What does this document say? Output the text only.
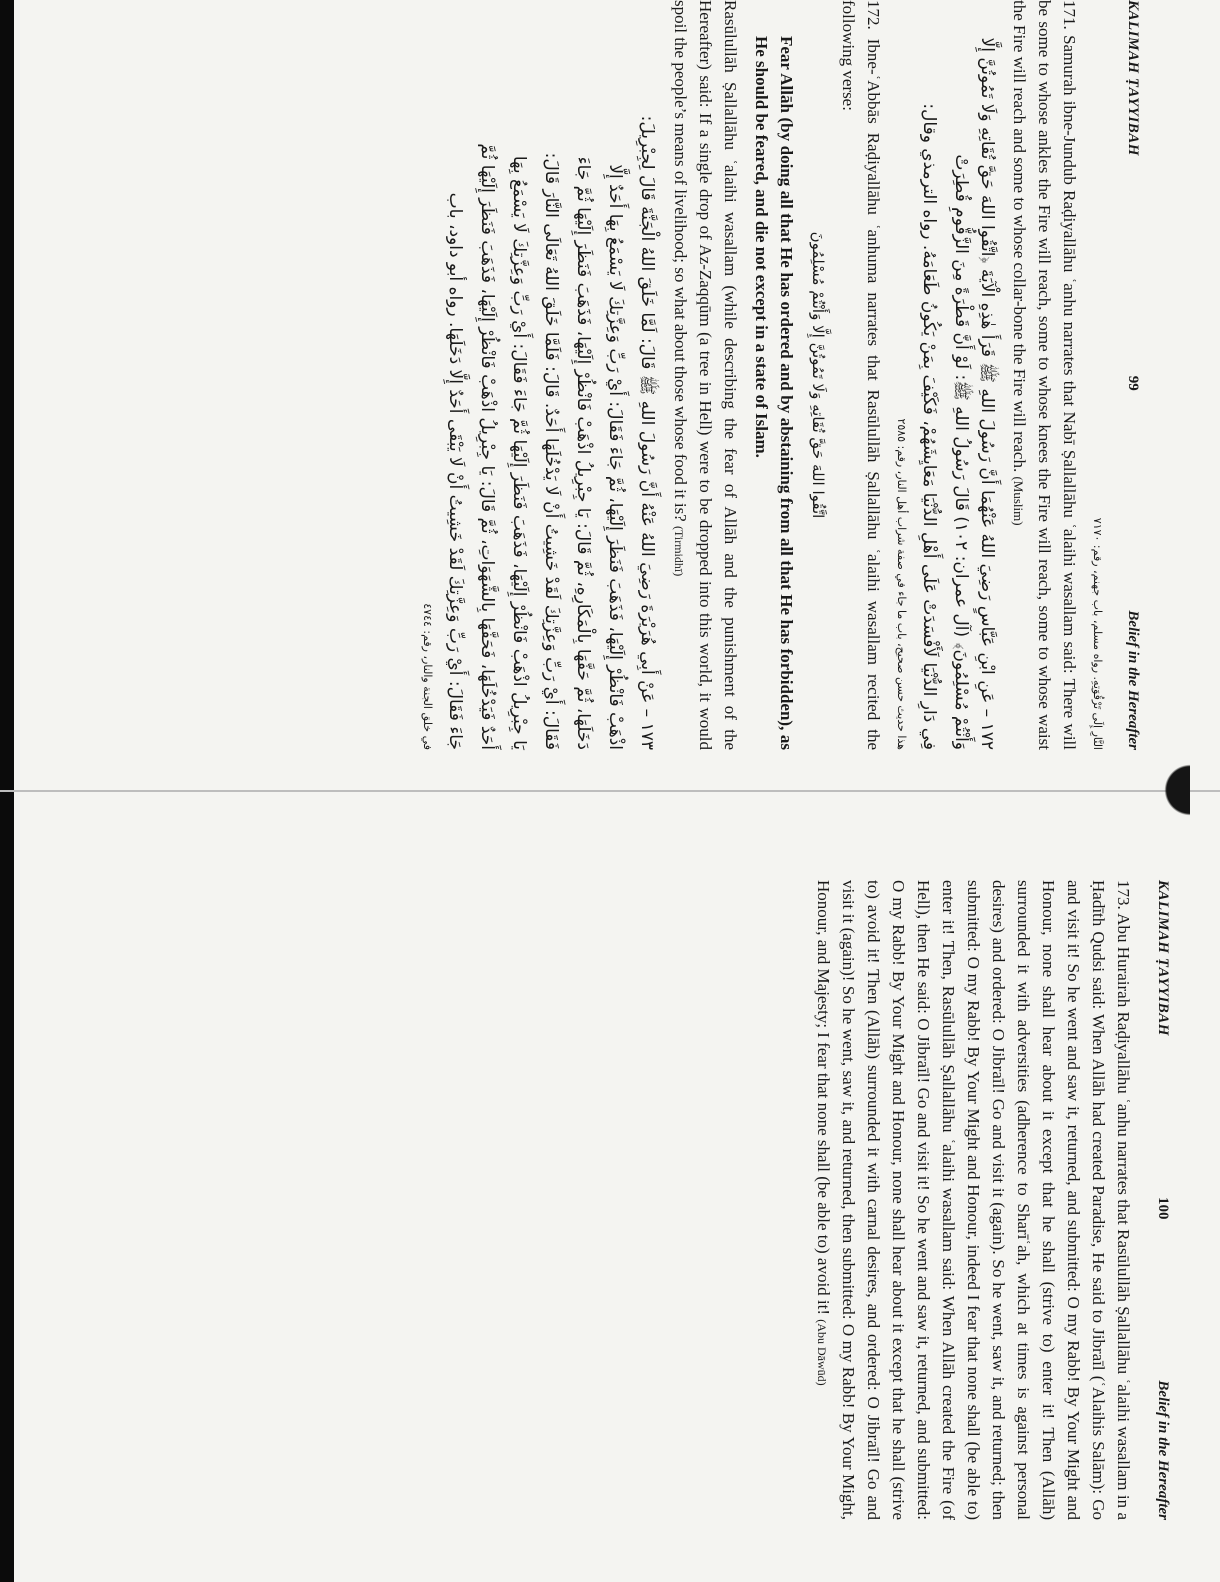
KALIMAH ṬAYYIBAH
99
Belief in the Hereafter
النَّارِ إِلَى تَرْقُوَتِهِ. رواه مسلم، باب جهنم، رقم: ٧١٧٠

171. Samurah ibne-Jundub Raḍiyallāhu ʿanhu narrates that Nabī Ṣallallāhu ʿalaihi wasallam said: There will be some to whose ankles the Fire will reach, some to whose knees the Fire will reach, some to whose waist the Fire will reach and some to whose collar-bone the Fire will reach. (Muslim)

١٧٢ – عَنِ ابْنِ عَبَّاسٍ رَضِيَ اللهُ عَنْهُمَا أَنَّ رَسُولَ اللهِ ﷺ قَرَأَ هٰذِهِ الْآيَةَ ﴿اتَّقُوا اللهَ حَقَّ تُقَاتِهِ وَلَا تَمُوتُنَّ إِلَّا وَأَنْتُمْ مُسْلِمُونَ﴾ (آل عمران: ١٠٢) قَالَ رَسُولُ اللهِ ﷺ: لَوْ أَنَّ قَطْرَةً مِنَ الزَّقُّومِ قُطِرَتْ
فِي دَارِ الدُّنْيَا لَأَفْسَدَتْ عَلَى أَهْلِ الدُّنْيَا مَعَايِشَهُمْ، فَكَيْفَ بِمَنْ يَكُونُ طَعَامَهُ. رواه الترمذي وقال:
هذا حديث حسن صحيح، باب ما جاء في صفة شراب أهل النار، رقم: ٢٥٨٥

172. Ibne-ʿAbbās Raḍiyallāhu ʿanhuma narrates that Rasūlullāh Ṣallallāhu ʿalaihi wasallam recited the following verse:

اتَّقُوا اللهَ حَقَّ تُقَاتِهِ وَلَا تَمُوتُنَّ إِلَّا وَأَنْتُمْ مُسْلِمُونَ

Fear Allāh (by doing all that He has ordered and by abstaining from all that He has forbidden), as He should be feared, and die not except in a state of Islam.

Rasūlullāh Ṣallallāhu ʿalaihi wasallam (while describing the fear of Allāh and the punishment of the Hereafter) said: If a single drop of Az-Zaqqūm (a tree in Hell) were to be dropped into this world, it would spoil the people’s means of livelihood; so what about those whose food it is? (Tirmidhī)

١٧٣ – عَنْ أَبِي هُرَيْرَةَ رَضِيَ اللهُ عَنْهُ أَنَّ رَسُولَ اللهِ ﷺ قَالَ: لَمَّا خَلَقَ اللهُ الْجَنَّةَ قَالَ لِجِبْرِيلَ:
اذْهَبْ فَانْظُرْ إِلَيْهَا، فَذَهَبَ فَنَظَرَ إِلَيْهَا، ثُمَّ جَاءَ فَقَالَ: أَيْ رَبِّ وَعِزَّتِكَ لَا يَسْمَعُ بِهَا أَحَدٌ إِلَّا
دَخَلَهَا، ثُمَّ حَفَّهَا بِالْمَكَارِهِ، ثُمَّ قَالَ: يَا جِبْرِيلُ اذْهَبْ فَانْظُرْ إِلَيْهَا، فَذَهَبَ فَنَظَرَ إِلَيْهَا ثُمَّ جَاءَ
فَقَالَ: أَيْ رَبِّ وَعِزَّتِكَ لَقَدْ خَشِيتُ أَنْ لَا يَدْخُلَهَا أَحَدٌ. قَالَ: فَلَمَّا خَلَقَ اللهُ تَعَالَى النَّارَ قَالَ:
يَا جِبْرِيلُ اذْهَبْ فَانْظُرْ إِلَيْهَا، فَذَهَبَ فَنَظَرَ إِلَيْهَا ثُمَّ جَاءَ فَقَالَ: أَيْ رَبِّ وَعِزَّتِكَ لَا يَسْمَعُ بِهَا
أَحَدٌ فَيَدْخُلَهَا، فَحَفَّهَا بِالشَّهَوَاتِ، ثُمَّ قَالَ: يَا جِبْرِيلُ اذْهَبْ فَانْظُرْ إِلَيْهَا، فَذَهَبَ فَنَظَرَ إِلَيْهَا ثُمَّ
جَاءَ فَقَالَ: أَيْ رَبِّ وَعِزَّتِكَ لَقَدْ خَشِيتُ أَنْ لَا يَبْقَى أَحَدٌ إِلَّا دَخَلَهَا. رواه أبو داود، باب
في خلق الجنة والنار، رقم: ٤٧٤٤
KALIMAH ṬAYYIBAH
100
Belief in the Hereafter

173. Abu Hurairah Raḍiyallāhu ʿanhu narrates that Rasūlullāh Ṣallallāhu ʿalaihi wasallam in a Ḥadīth Qudsi said: When Allāh had created Paradise, He said to Jibraīl (ʿAlaihis Salām): Go and visit it! So he went and saw it, returned, and submitted: O my Rabb! By Your Might and Honour, none shall hear about it except that he shall (strive to) enter it! Then (Allāh) surrounded it with adversities (adherence to Sharīʿah, which at times is against personal desires) and ordered: O Jibraīl! Go and visit it (again). So he went, saw it, and returned; then submitted: O my Rabb! By Your Might and Honour, indeed I fear that none shall (be able to) enter it! Then, Rasūlullāh Ṣallallāhu ʿalaihi wasallam said: When Allāh created the Fire (of Hell), then He said: O Jibraīl! Go and visit it! So he went and saw it, returned, and submitted: O my Rabb! By Your Might and Honour, none shall hear about it except that he shall (strive to) avoid it! Then (Allāh) surrounded it with carnal desires, and ordered: O Jibraīl! Go and visit it (again)! So he went, saw it, and returned, then submitted: O my Rabb! By Your Might, Honour, and Majesty; I fear that none shall (be able to) avoid it! (Abu Dāwūd)
